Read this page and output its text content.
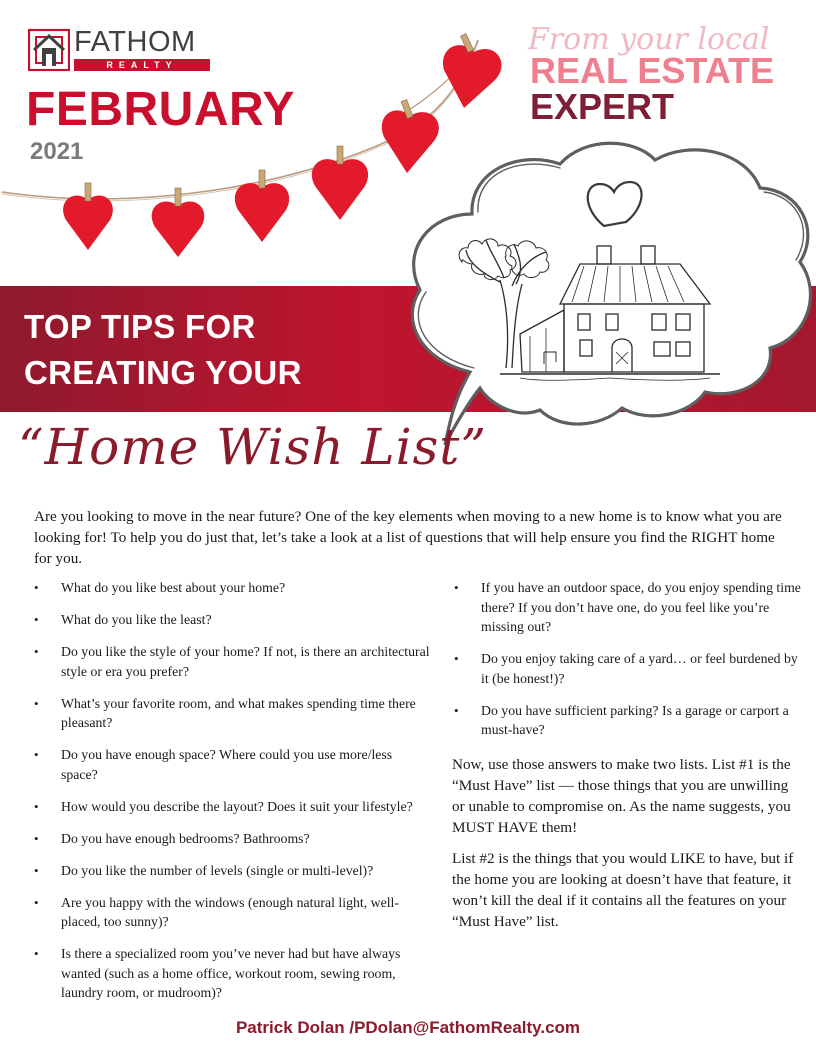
FATHOM
REALTY
FEBRUARY
2021
From your local
REAL ESTATE
EXPERT
TOP TIPS FOR
CREATING YOUR
“Home Wish List”

Are you looking to move in the near future? One of the key elements when moving to a new home is to know what you are looking for! To help you do just that, let’s take a look at a list of questions that will help ensure you find the RIGHT home for you.

• What do you like best about your home?
• What do you like the least?
• Do you like the style of your home? If not, is there an architectural style or era you prefer?
• What’s your favorite room, and what makes spending time there pleasant?
• Do you have enough space? Where could you use more/less space?
• How would you describe the layout? Does it suit your lifestyle?
• Do you have enough bedrooms? Bathrooms?
• Do you like the number of levels (single or multi-level)?
• Are you happy with the windows (enough natural light, well-placed, too sunny)?
• Is there a specialized room you’ve never had but have always wanted (such as a home office, workout room, sewing room, laundry room, or mudroom)?
• If you have an outdoor space, do you enjoy spending time there? If you don’t have one, do you feel like you’re missing out?
• Do you enjoy taking care of a yard… or feel burdened by it (be honest!)?
• Do you have sufficient parking? Is a garage or carport a must-have?

Now, use those answers to make two lists. List #1 is the “Must Have” list — those things that you are unwilling or unable to compromise on. As the name suggests, you MUST HAVE them!

List #2 is the things that you would LIKE to have, but if the home you are looking at doesn’t have that feature, it won’t kill the deal if it contains all the features on your “Must Have” list.

Patrick Dolan /PDolan@FathomRealty.com
